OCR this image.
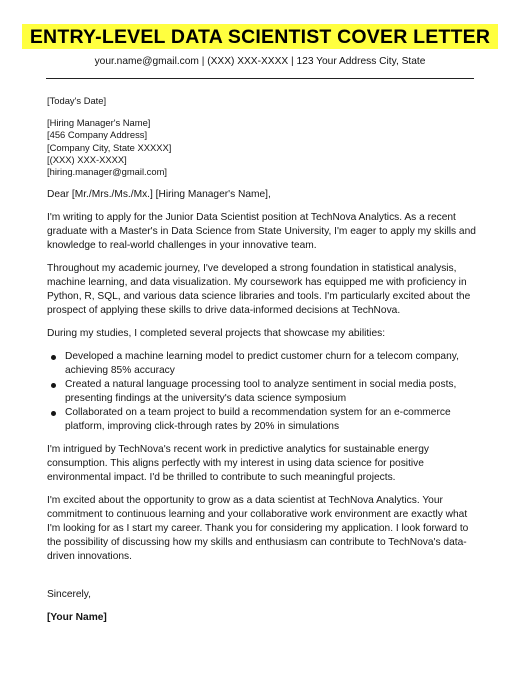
ENTRY-LEVEL DATA SCIENTIST COVER LETTER
your.name@gmail.com | (XXX) XXX-XXXX | 123 Your Address City, State
[Today's Date]
[Hiring Manager's Name]
[456 Company Address]
[Company City, State XXXXX]
[(XXX) XXX-XXXX]
[hiring.manager@gmail.com]
Dear [Mr./Mrs./Ms./Mx.] [Hiring Manager's Name],

I'm writing to apply for the Junior Data Scientist position at TechNova Analytics. As a recent graduate with a Master's in Data Science from State University, I'm eager to apply my skills and knowledge to real-world challenges in your innovative team.

Throughout my academic journey, I've developed a strong foundation in statistical analysis, machine learning, and data visualization. My coursework has equipped me with proficiency in Python, R, SQL, and various data science libraries and tools. I'm particularly excited about the prospect of applying these skills to drive data-informed decisions at TechNova.

During my studies, I completed several projects that showcase my abilities:

Developed a machine learning model to predict customer churn for a telecom company, achieving 85% accuracy
Created a natural language processing tool to analyze sentiment in social media posts, presenting findings at the university's data science symposium
Collaborated on a team project to build a recommendation system for an e-commerce platform, improving click-through rates by 20% in simulations

I'm intrigued by TechNova's recent work in predictive analytics for sustainable energy consumption. This aligns perfectly with my interest in using data science for positive environmental impact. I'd be thrilled to contribute to such meaningful projects.

I'm excited about the opportunity to grow as a data scientist at TechNova Analytics. Your commitment to continuous learning and your collaborative work environment are exactly what I'm looking for as I start my career. Thank you for considering my application. I look forward to the possibility of discussing how my skills and enthusiasm can contribute to TechNova's data-driven innovations.

Sincerely,
[Your Name]
